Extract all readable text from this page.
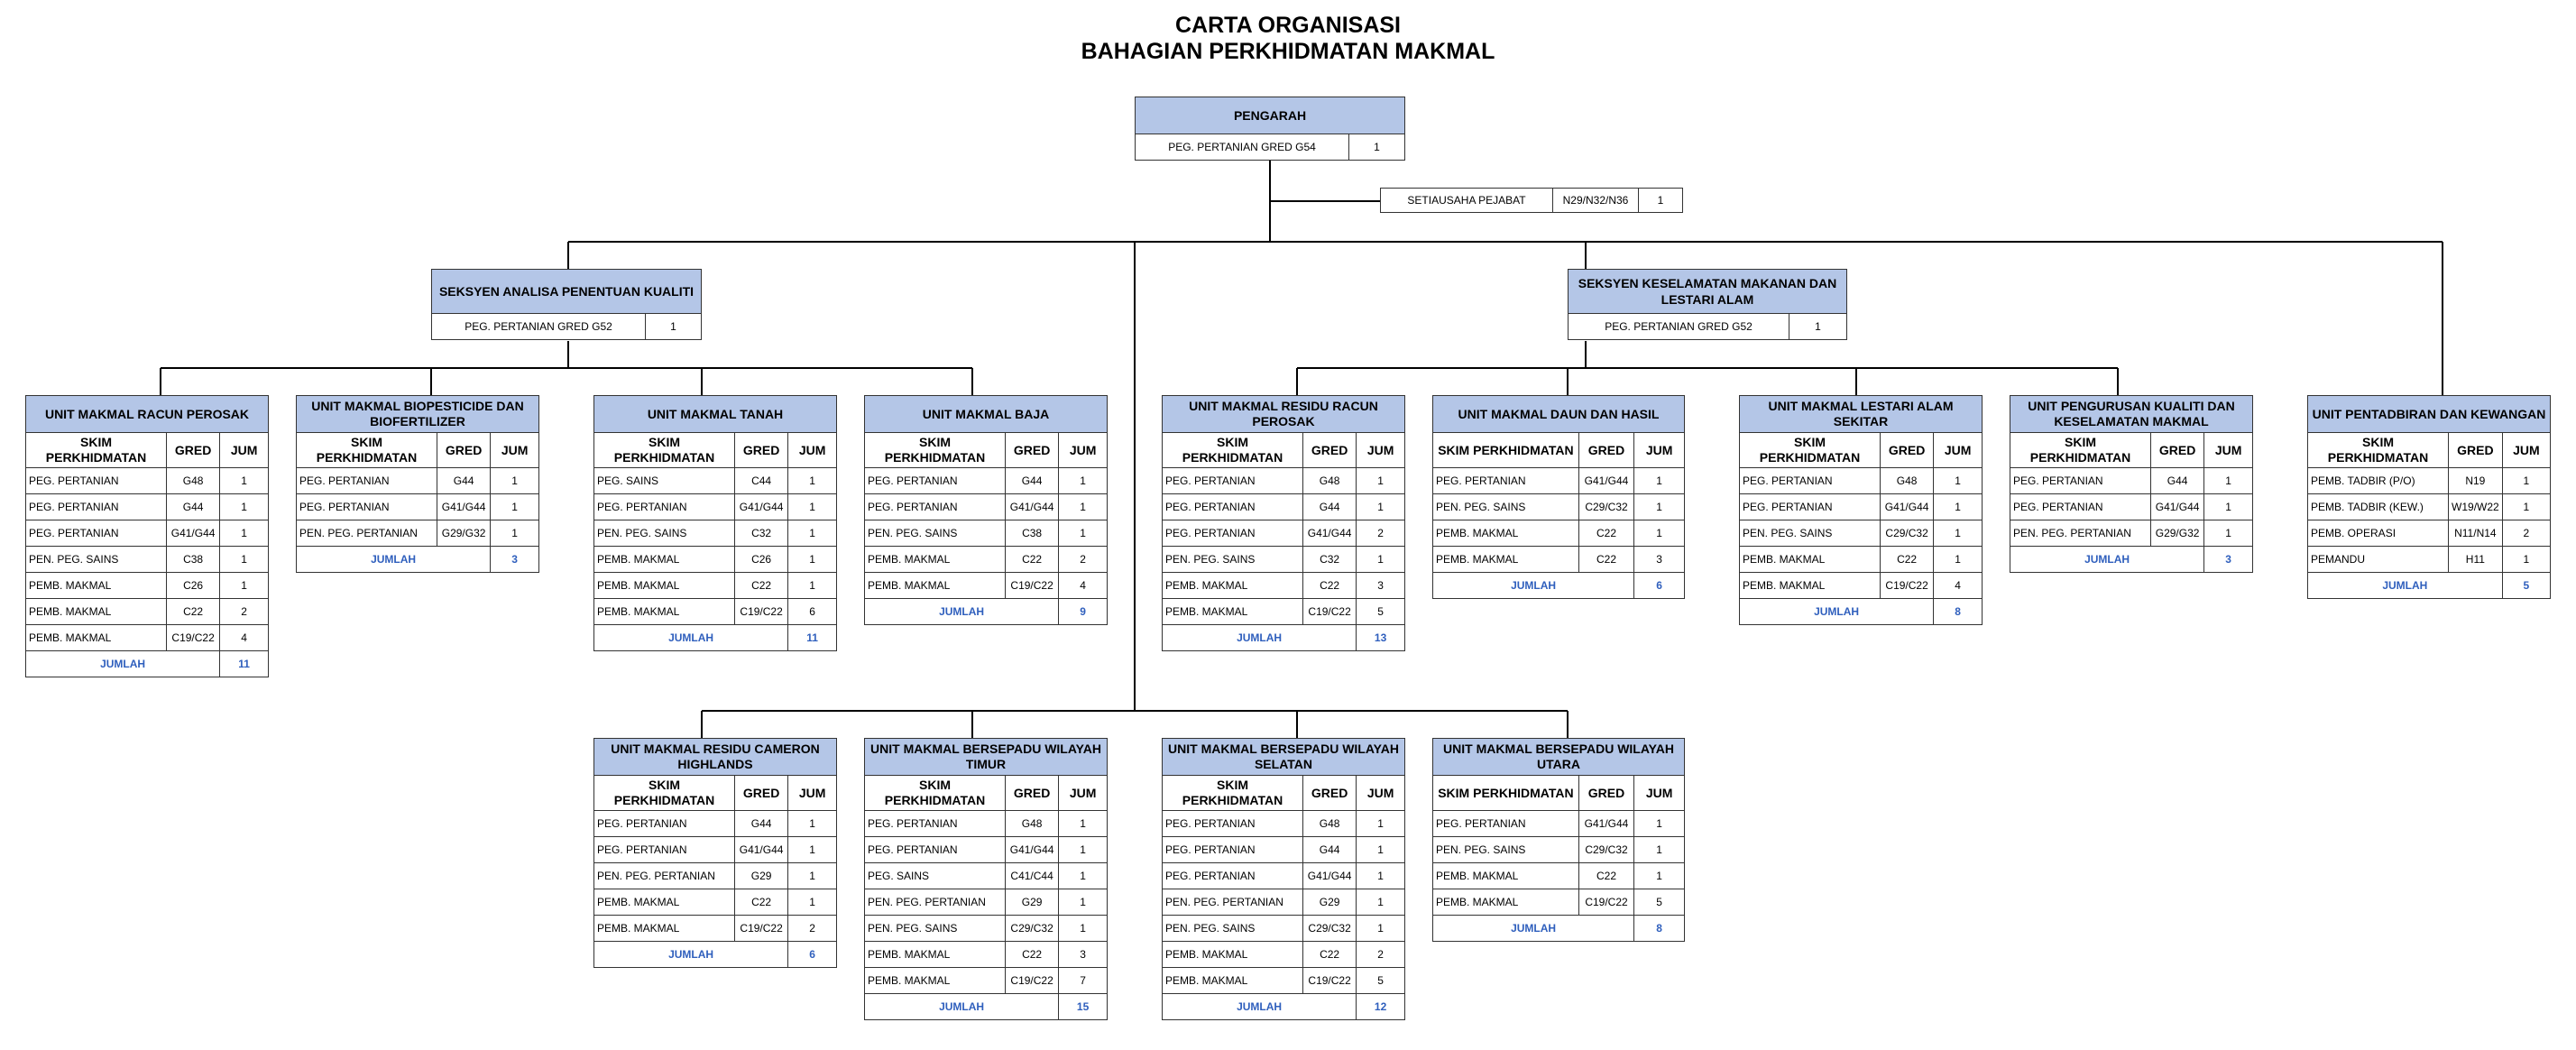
CARTA ORGANISASI
BAHAGIAN PERKHIDMATAN MAKMAL
PENGARAH
PEG. PERTANIAN GRED G54	1
SETIAUSAHA PEJABAT	N29/N32/N36	1
SEKSYEN ANALISA PENENTUAN KUALITI
PEG. PERTANIAN GRED G52	1
SEKSYEN KESELAMATAN MAKANAN DAN LESTARI ALAM
PEG. PERTANIAN GRED G52	1
UNIT MAKMAL RACUN PEROSAK		
SKIM PERKHIDMATAN	GRED	JUM
PEG. PERTANIAN	G48	1
PEG. PERTANIAN	G44	1
PEG. PERTANIAN	G41/G44	1
PEN. PEG. SAINS	C38	1
PEMB. MAKMAL	C26	1
PEMB. MAKMAL	C22	2
PEMB. MAKMAL	C19/C22	4
JUMLAH		11
UNIT MAKMAL BIOPESTICIDE DAN BIOFERTILIZER		
SKIM PERKHIDMATAN	GRED	JUM
PEG. PERTANIAN	G44	1
PEG. PERTANIAN	G41/G44	1
PEN. PEG. PERTANIAN	G29/G32	1
JUMLAH		3
UNIT MAKMAL TANAH		
SKIM PERKHIDMATAN	GRED	JUM
PEG. SAINS	C44	1
PEG. PERTANIAN	G41/G44	1
PEN. PEG. SAINS	C32	1
PEMB. MAKMAL	C26	1
PEMB. MAKMAL	C22	1
PEMB. MAKMAL	C19/C22	6
JUMLAH		11
UNIT MAKMAL BAJA		
SKIM PERKHIDMATAN	GRED	JUM
PEG. PERTANIAN	G44	1
PEG. PERTANIAN	G41/G44	1
PEN. PEG. SAINS	C38	1
PEMB. MAKMAL	C22	2
PEMB. MAKMAL	C19/C22	4
JUMLAH		9
UNIT MAKMAL RESIDU RACUN PEROSAK		
SKIM PERKHIDMATAN	GRED	JUM
PEG. PERTANIAN	G48	1
PEG. PERTANIAN	G44	1
PEG. PERTANIAN	G41/G44	2
PEN. PEG. SAINS	C32	1
PEMB. MAKMAL	C22	3
PEMB. MAKMAL	C19/C22	5
JUMLAH		13
UNIT MAKMAL DAUN DAN HASIL		
SKIM PERKHIDMATAN	GRED	JUM
PEG. PERTANIAN	G41/G44	1
PEN. PEG. SAINS	C29/C32	1
PEMB. MAKMAL	C22	1
PEMB. MAKMAL	C22	3
JUMLAH		6
UNIT MAKMAL LESTARI ALAM SEKITAR		
SKIM PERKHIDMATAN	GRED	JUM
PEG. PERTANIAN	G48	1
PEG. PERTANIAN	G41/G44	1
PEN. PEG. SAINS	C29/C32	1
PEMB. MAKMAL	C22	1
PEMB. MAKMAL	C19/C22	4
JUMLAH		8
UNIT PENGURUSAN KUALITI DAN KESELAMATAN MAKMAL		
SKIM PERKHIDMATAN	GRED	JUM
PEG. PERTANIAN	G44	1
PEG. PERTANIAN	G41/G44	1
PEN. PEG. PERTANIAN	G29/G32	1
JUMLAH		3
UNIT PENTADBIRAN DAN KEWANGAN		
SKIM PERKHIDMATAN	GRED	JUM
PEMB. TADBIR (P/O)	N19	1
PEMB. TADBIR (KEW.)	W19/W22	1
PEMB. OPERASI	N11/N14	2
PEMANDU	H11	1
JUMLAH		5
UNIT MAKMAL RESIDU CAMERON HIGHLANDS		
SKIM PERKHIDMATAN	GRED	JUM
PEG. PERTANIAN	G44	1
PEG. PERTANIAN	G41/G44	1
PEN. PEG. PERTANIAN	G29	1
PEMB. MAKMAL	C22	1
PEMB. MAKMAL	C19/C22	2
JUMLAH		6
UNIT MAKMAL BERSEPADU WILAYAH TIMUR		
SKIM PERKHIDMATAN	GRED	JUM
PEG. PERTANIAN	G48	1
PEG. PERTANIAN	G41/G44	1
PEG. SAINS	C41/C44	1
PEN. PEG. PERTANIAN	G29	1
PEN. PEG. SAINS	C29/C32	1
PEMB. MAKMAL	C22	3
PEMB. MAKMAL	C19/C22	7
JUMLAH		15
UNIT MAKMAL BERSEPADU WILAYAH SELATAN		
SKIM PERKHIDMATAN	GRED	JUM
PEG. PERTANIAN	G48	1
PEG. PERTANIAN	G44	1
PEG. PERTANIAN	G41/G44	1
PEN. PEG. PERTANIAN	G29	1
PEN. PEG. SAINS	C29/C32	1
PEMB. MAKMAL	C22	2
PEMB. MAKMAL	C19/C22	5
JUMLAH		12
UNIT MAKMAL BERSEPADU WILAYAH UTARA		
SKIM PERKHIDMATAN	GRED	JUM
PEG. PERTANIAN	G41/G44	1
PEN. PEG. SAINS	C29/C32	1
PEMB. MAKMAL	C22	1
PEMB. MAKMAL	C19/C22	5
JUMLAH		8
